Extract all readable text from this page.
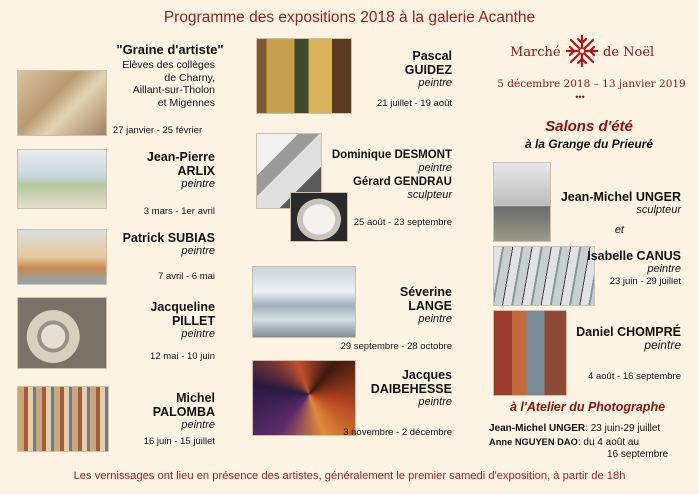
Programme des expositions 2018 à la galerie Acanthe
"Graine d'artiste"
Elèves des collèges
de Charny,
Aillant-sur-Tholon
et Migennes
27 janvier - 25 février
Jean-Pierre
ARLIX
peintre
3 mars - 1er avril
Patrick SUBIAS
peintre
7 avril - 6 mai
Jacqueline
PILLET
peintre
12 mai - 10 juin
Michel
PALOMBA
peintre
16 juin - 15 juillet
Pascal
GUIDEZ
peintre
21 juillet - 19 août
Dominique DESMONT
peintre
Gérard GENDRAU
sculpteur
25 août - 23 septembre
Séverine
LANGE
peintre
29 septembre - 28 octobre
Jacques
DAIBEHESSE
peintre
3 novembre - 2 décembre
Marché	de Noël
5 décembre 2018 – 13 janvier 2019
•••
Salons d'été
à la Grange du Prieuré
Jean-Michel UNGER
sculpteur
et
Isabelle CANUS
peintre
23 juin - 29 juillet
Daniel CHOMPRÉ
peintre
4 août - 16 septembre
à l'Atelier du Photographe
Jean-Michel UNGER: 23 juin-29 juillet
Anne NGUYEN DAO: du 4 août au
16 septembre
Les vernissages ont lieu en présence des artistes, généralement le premier samedi d'exposition, à partir de 18h
